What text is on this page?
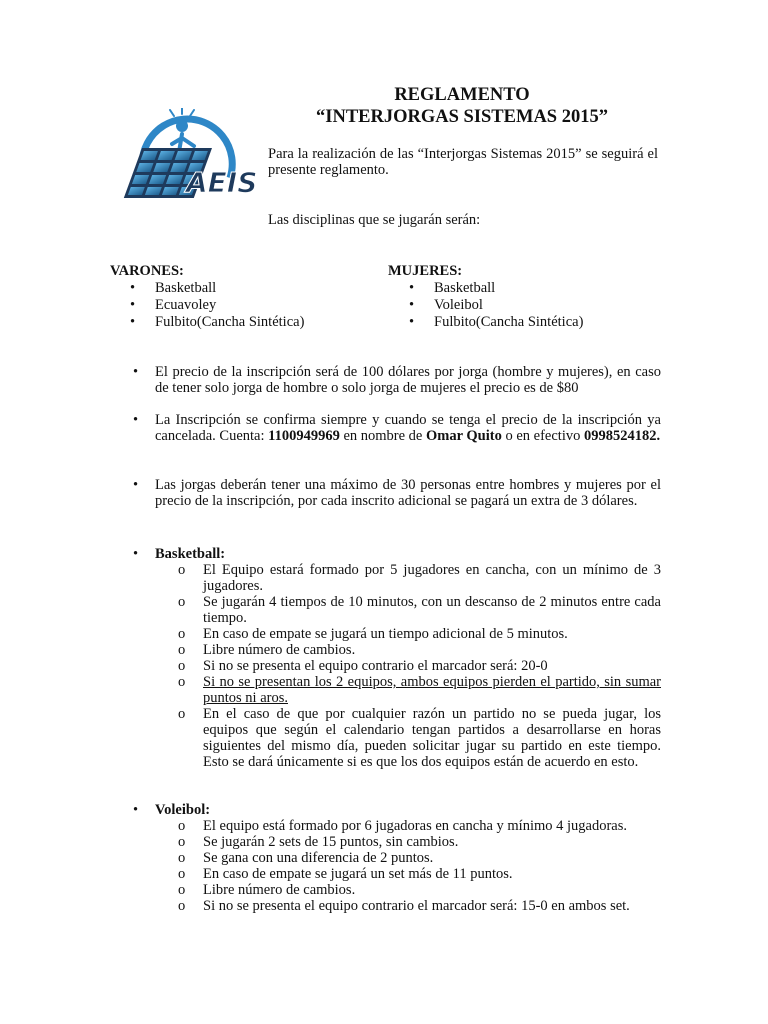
AEIS
REGLAMENTO
“INTERJORGAS SISTEMAS 2015”
Para la realización de las “Interjorgas Sistemas 2015” se seguirá el presente reglamento.
Las disciplinas que se jugarán serán:
VARONES:
• Basketball
• Ecuavoley
• Fulbito(Cancha Sintética)
MUJERES:
• Basketball
• Voleibol
• Fulbito(Cancha Sintética)
• El precio de la inscripción será de 100 dólares por jorga (hombre y mujeres), en caso de tener solo jorga de hombre o solo jorga de mujeres el precio es de $80
• La Inscripción se confirma siempre y cuando se tenga el precio de la inscripción ya cancelada. Cuenta: 1100949969 en nombre de Omar Quito o en efectivo 0998524182.
• Las jorgas deberán tener una máximo de 30 personas entre hombres y mujeres por el precio de la inscripción, por cada inscrito adicional se pagará un extra de 3 dólares.
• Basketball:
o El Equipo estará formado por 5 jugadores en cancha, con un mínimo de 3 jugadores.
o Se jugarán 4 tiempos de 10 minutos, con un descanso de 2 minutos entre cada tiempo.
o En caso de empate se jugará un tiempo adicional de 5 minutos.
o Libre número de cambios.
o Si no se presenta el equipo contrario el marcador será: 20-0
o Si no se presentan los 2 equipos, ambos equipos pierden el partido, sin sumar puntos ni aros.
o En el caso de que por cualquier razón un partido no se pueda jugar, los equipos que según el calendario tengan partidos a desarrollarse en horas siguientes del mismo día, pueden solicitar jugar su partido en este tiempo. Esto se dará únicamente si es que los dos equipos están de acuerdo en esto.
• Voleibol:
o El equipo está formado por 6 jugadoras en cancha y mínimo 4 jugadoras.
o Se jugarán 2 sets de 15 puntos, sin cambios.
o Se gana con una diferencia de 2 puntos.
o En caso de empate se jugará un set más de 11 puntos.
o Libre número de cambios.
o Si no se presenta el equipo contrario el marcador será: 15-0 en ambos set.
